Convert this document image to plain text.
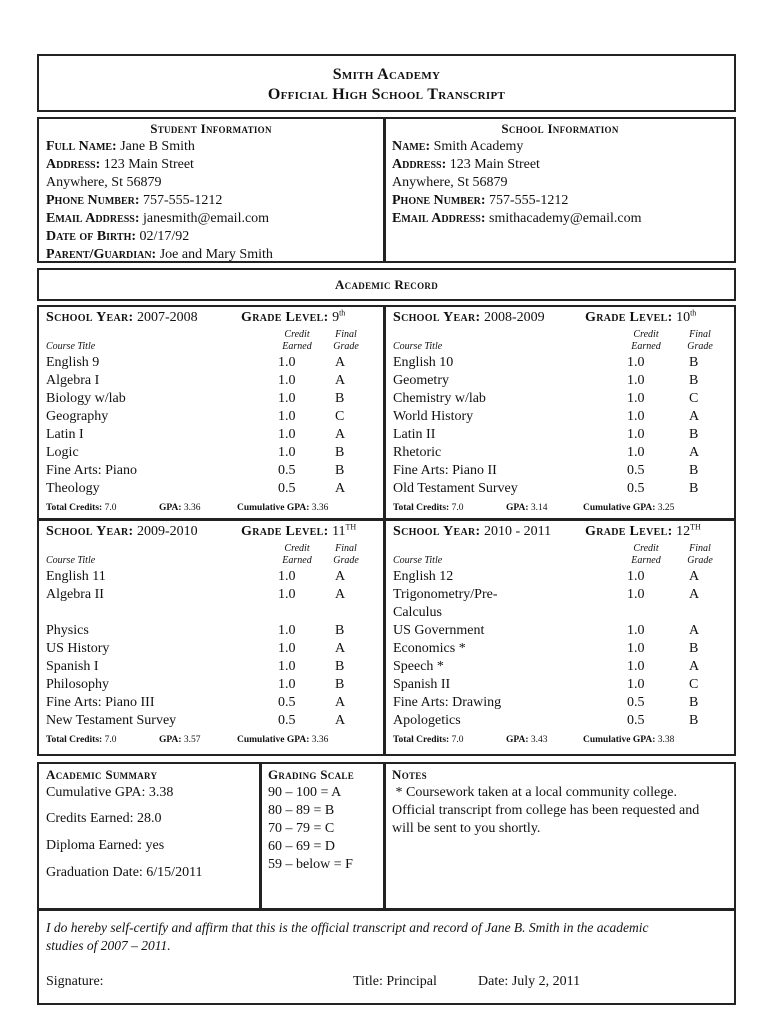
Smith Academy
Official High School Transcript
Student Information
Full Name: Jane B Smith
Address: 123 Main Street
Anywhere, St 56879
Phone Number: 757-555-1212
Email Address: janesmith@email.com
Date of Birth: 02/17/92
Parent/Guardian: Joe and Mary Smith
School Information
Name: Smith Academy
Address: 123 Main Street
Anywhere, St 56879
Phone Number: 757-555-1212
Email Address: smithacademy@email.com
Academic Record
School Year: 2007-2008	Grade Level: 9th
Credit
Earned
Final
Grade
Course Title
English 9	1.0	A
Algebra I	1.0	A
Biology w/lab	1.0	B
Geography	1.0	C
Latin I	1.0	A
Logic	1.0	B
Fine Arts: Piano	0.5	B
Theology	0.5	A
Total Credits: 7.0	GPA: 3.36	Cumulative GPA: 3.36
School Year: 2008-2009	Grade Level: 10th
Credit
Earned
Final
Grade
Course Title
English 10	1.0	B
Geometry	1.0	B
Chemistry w/lab	1.0	C
World History	1.0	A
Latin II	1.0	B
Rhetoric	1.0	A
Fine Arts: Piano II	0.5	B
Old Testament Survey	0.5	B
Total Credits: 7.0	GPA: 3.14	Cumulative GPA: 3.25
School Year: 2009-2010	Grade Level: 11TH
Credit
Earned
Final
Grade
Course Title
English 11	1.0	A
Algebra II	1.0	A
Physics	1.0	B
US History	1.0	A
Spanish I	1.0	B
Philosophy	1.0	B
Fine Arts: Piano III	0.5	A
New Testament Survey	0.5	A
Total Credits: 7.0	GPA: 3.57	Cumulative GPA: 3.36
School Year: 2010 - 2011 Grade Level: 12TH
Credit
Earned
Final
Grade
Course Title
English 12	1.0	A
Trigonometry/Pre-	1.0	A
Calculus
US Government	1.0	A
Economics *	1.0	B
Speech *	1.0	A
Spanish II	1.0	C
Fine Arts: Drawing	0.5	B
Apologetics	0.5	B
Total Credits: 7.0	GPA: 3.43	Cumulative GPA: 3.38
Academic Summary
Cumulative GPA: 3.38
Credits Earned: 28.0
Diploma Earned: yes
Graduation Date: 6/15/2011
Grading Scale
90 – 100 = A
80 – 89 = B
70 – 79 = C
60 – 69 = D
59 – below = F
Notes
* Coursework taken at a local community college.
Official transcript from college has been requested and
will be sent to you shortly.
I do hereby self-certify and affirm that this is the official transcript and record of Jane B. Smith in the academic
studies of 2007 – 2011.
Signature:	Title: Principal	Date: July 2, 2011
